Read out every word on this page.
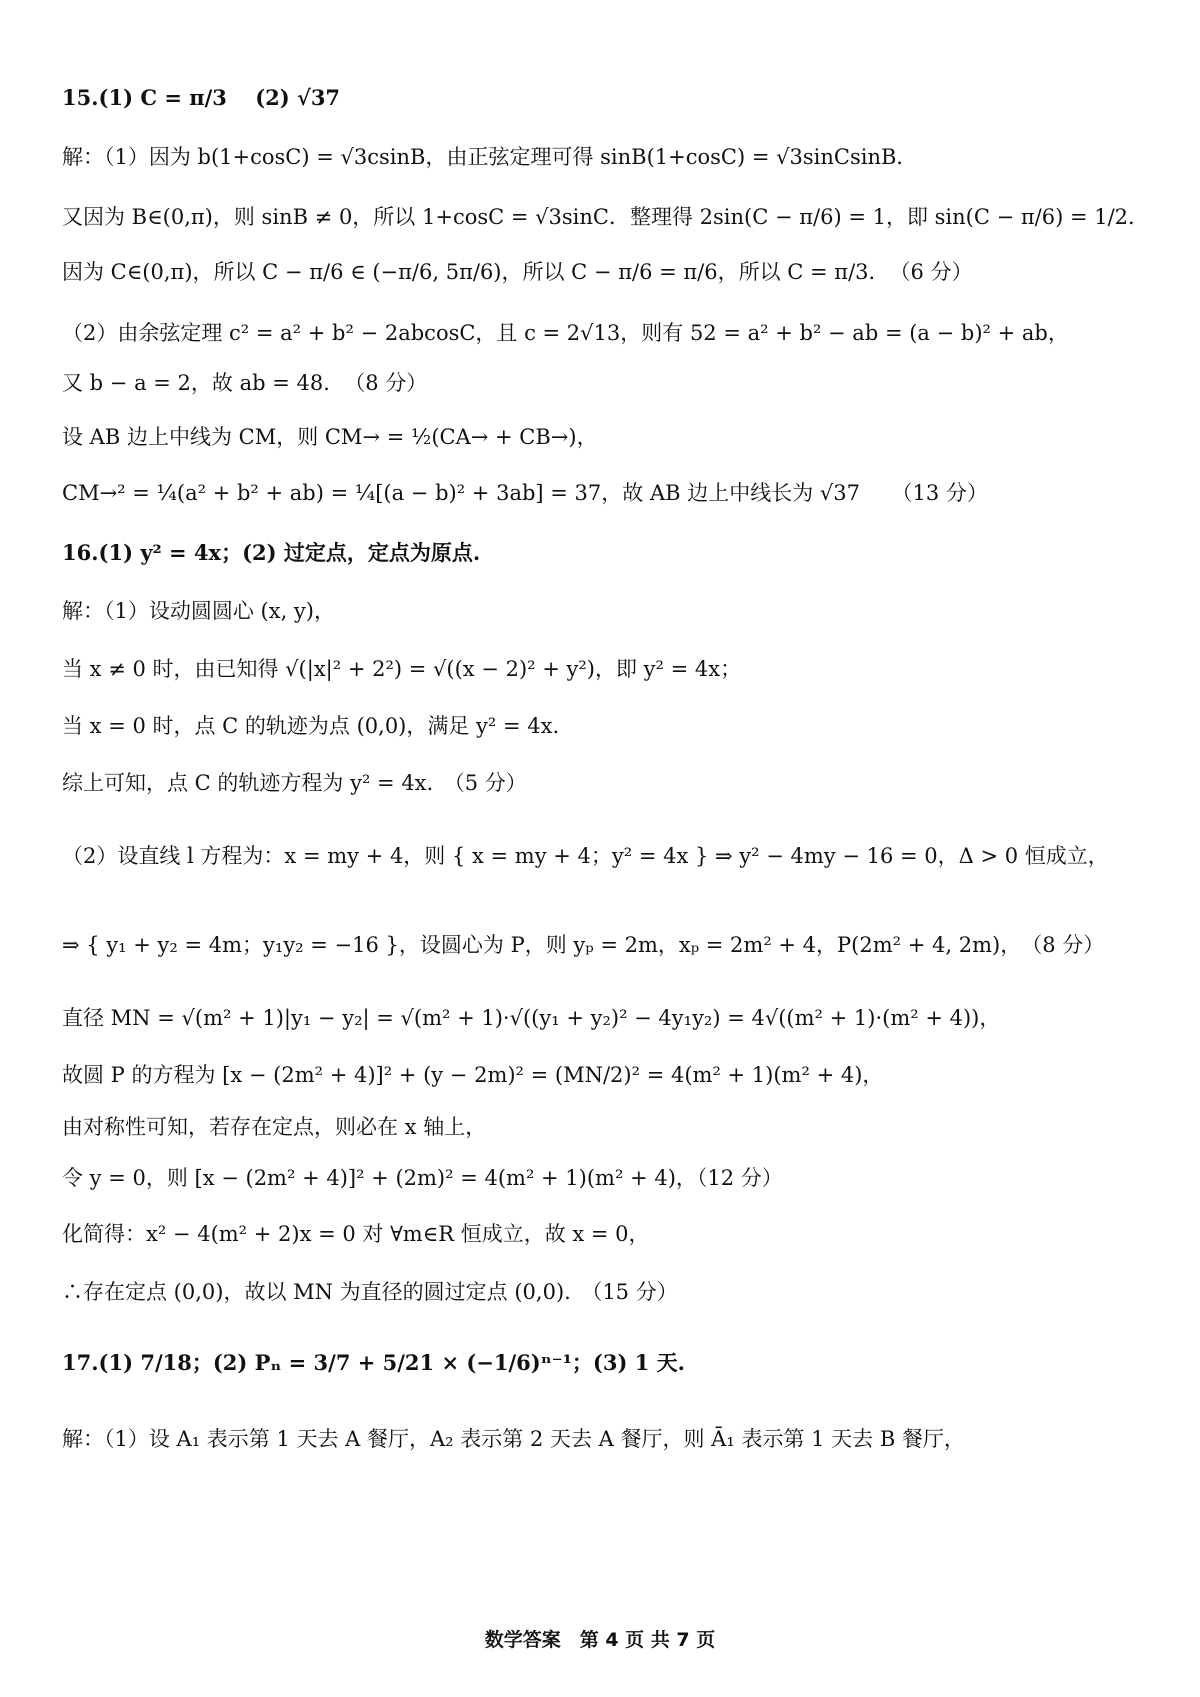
15.(1) C = π/3　 (2) √37
解：（1）因为 b(1+cosC) = √3csinB，由正弦定理可得 sinB(1+cosC) = √3sinCsinB．
又因为 B∈(0,π)，则 sinB ≠ 0，所以 1+cosC = √3sinC．整理得 2sin(C − π/6) = 1，即 sin(C − π/6) = 1/2．
因为 C∈(0,π)，所以 C − π/6 ∈ (−π/6, 5π/6)，所以 C − π/6 = π/6，所以 C = π/3．　（6 分）
（2）由余弦定理 c² = a² + b² − 2abcosC，且 c = 2√13，则有 52 = a² + b² − ab = (a − b)² + ab，
又 b − a = 2，故 ab = 48．　（8 分）
设 AB 边上中线为 CM，则 CM→ = ½(CA→ + CB→)，
CM→² = ¼(a² + b² + ab) = ¼[(a − b)² + 3ab] = 37，故 AB 边上中线长为 √37　　（13 分）
16.(1) y² = 4x；(2) 过定点，定点为原点.
解：（1）设动圆圆心 (x, y)，
当 x ≠ 0 时，由已知得 √(|x|² + 2²) = √((x − 2)² + y²)，即 y² = 4x；
当 x = 0 时，点 C 的轨迹为点 (0,0)，满足 y² = 4x.
综上可知，点 C 的轨迹方程为 y² = 4x.　（5 分）
（2）设直线 l 方程为：x = my + 4，则 { x = my + 4；y² = 4x } ⇒ y² − 4my − 16 = 0，Δ > 0 恒成立，
⇒ { y₁ + y₂ = 4m；y₁y₂ = −16 }，设圆心为 P，则 yₚ = 2m，xₚ = 2m² + 4，P(2m² + 4, 2m)，　（8 分）
直径 MN = √(m² + 1)|y₁ − y₂| = √(m² + 1)·√((y₁ + y₂)² − 4y₁y₂) = 4√((m² + 1)·(m² + 4))，
故圆 P 的方程为 [x − (2m² + 4)]² + (y − 2m)² = (MN/2)² = 4(m² + 1)(m² + 4)，
由对称性可知，若存在定点，则必在 x 轴上，
令 y = 0，则 [x − (2m² + 4)]² + (2m)² = 4(m² + 1)(m² + 4)，（12 分）
化简得：x² − 4(m² + 2)x = 0 对 ∀m∈R 恒成立，故 x = 0，
∴存在定点 (0,0)，故以 MN 为直径的圆过定点 (0,0).　（15 分）
17.(1) 7/18；(2) Pₙ = 3/7 + 5/21 × (−1/6)ⁿ⁻¹；(3) 1 天.
解：（1）设 A₁ 表示第 1 天去 A 餐厅，A₂ 表示第 2 天去 A 餐厅，则 Ā₁ 表示第 1 天去 B 餐厅，
数学答案　第 4 页 共 7 页
